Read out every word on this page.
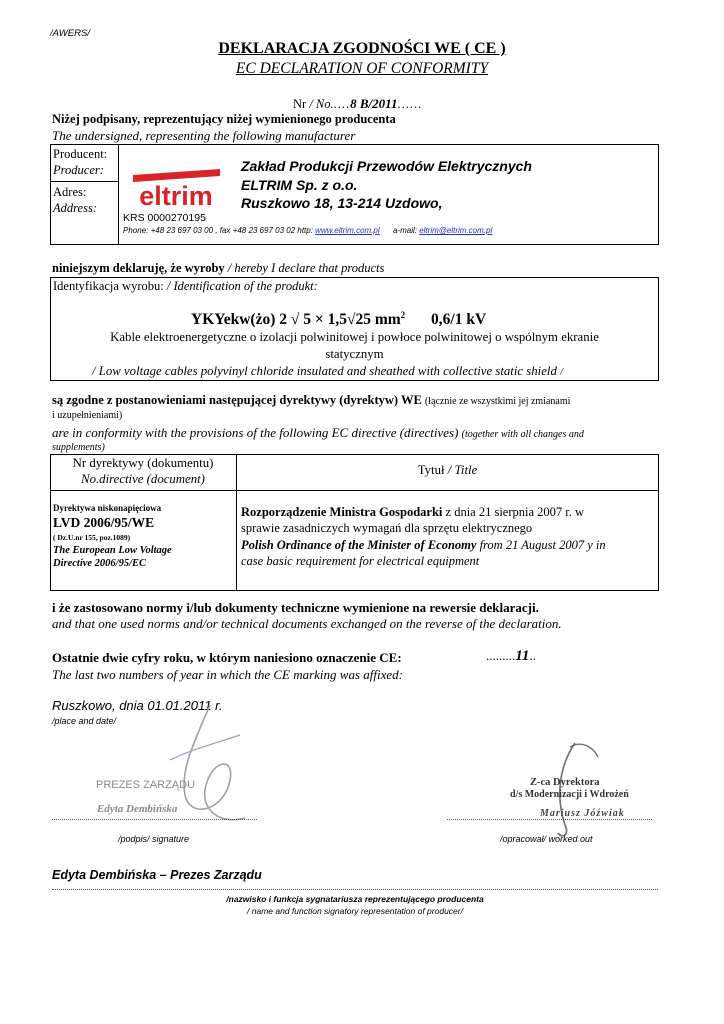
/AWERS/
DEKLARACJA ZGODNOŚCI WE ( CE )
EC DECLARATION OF CONFORMITY
Nr / No.....8 B/2011......
Niżej podpisany, reprezentujący niżej wymienionego producenta
The undersigned, representing the following manufacturer
Producent:
Producer:
Adres:
Address: eltrim
Zakład Produkcji Przewodów Elektrycznych
ELTRIM Sp. z o.o.
Ruszkowo 18, 13-214 Uzdowo,
KRS 0000270195
Phone: +48 23 697 03 00 , fax +48 23 697 03 02 http: www.eltrim.com.pl a-mail: eltrim@eltrim.com.pl
niniejszym deklaruję, że wyroby / hereby I declare that products
Identyfikacja wyrobu: / Identification of the produkt:
YKYekw(żo) 2 √ 5 × 1,5√25 $mm^2$ 0,6/1 kV
Kable elektroenergetyczne o izolacji polwinitowej i powłoce polwinitowej o wspólnym ekranie
statycznym
/ Low voltage cables polyvinyl chloride insulated and sheathed with collective static shield /
są zgodne z postanowieniami następującej dyrektywy (dyrektyw) WE (łącznie ze wszystkimi jej zmianami
i uzupełnieniami)
are in conformity with the provisions of the following EC directive (directives) (together with all changes and
supplements)
Nr dyrektywy (dokumentu)
No.directive (document)
Tytuł / Title
Dyrektywa niskonapięciowa
LVD 2006/95/WE
( Dz.U.nr 155, poz.1089)
The European Low Voltage
Directive 2006/95/EC
Rozporządzenie Ministra Gospodarki z dnia 21 sierpnia 2007 r. w
sprawie zasadniczych wymagań dla sprzętu elektrycznego
Polish Ordinance of the Minister of Economy from 21 August 2007 y in
case basic requirement for electrical equipment
i że zastosowano normy i/lub dokumenty techniczne wymienione na rewersie deklaracji.
and that one used norms and/or technical documents exchanged on the reverse of the declaration.
Ostatnie dwie cyfry roku, w którym naniesiono oznaczenie CE:	.........11..
The last two numbers of year in which the CE marking was affixed:
Ruszkowo, dnia 01.01.2011 r.
/place and date/
PREZES ZARZĄDU
Edyta Dembińska
/podpis/ signature
Z-ca Dyrektora
d/s Modernizacji i Wdrożeń
Mariusz Jóźwiak
/opracował/ worked out
Edyta Dembińska – Prezes Zarządu
/nazwisko i funkcja sygnatariusza reprezentującego producenta
/ name and function signatory representation of producer/
